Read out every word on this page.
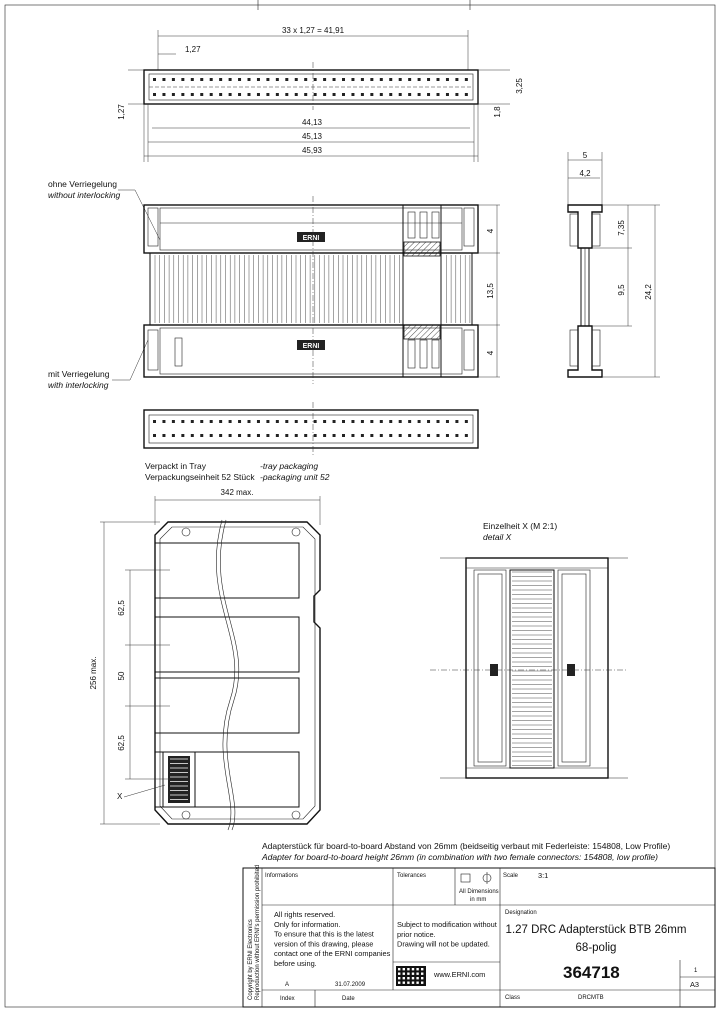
33 x 1,27 = 41,91
1,27
3,25
1,8
1,27
44,13
45,13
45,93
ohne Verriegelung
without interlocking
mit Verriegelung
with interlocking
ERNI
ERNI
4
13,5
4
5
4,2
7,35
9,5 24,2
Verpackt in Tray	-tray packaging
Verpackungseinheit 52 Stück -packaging unit 52
342 max.
256 max.
62,5
50
62,5
X
Einzelheit X (M 2:1)
detail X
Adapterstück für board-to-board Abstand von 26mm (beidseitig verbaut mit Federleiste: 154808, Low Profile)
Adapter for board-to-board height 26mm (in combination with two female connectors: 154808, low profile)
Copyright by ERNI Electronics Reproduction without ERNI's permission prohibited Informations	Tolerances	Scale	3:1
All Dimensions
in mm
Designation
1.27 DRC Adapterstück BTB 26mm
68-polig
All rights reserved.
Only for information.
To ensure that this is the latest
version of this drawing, please
contact one of the ERNI companies
before using.
Subject to modification without
prior notice.
Drawing will not be updated.
www.ERNI.com	364718	1
A3
A	31.07.2009
Index	Date	Class	DRCMTB
